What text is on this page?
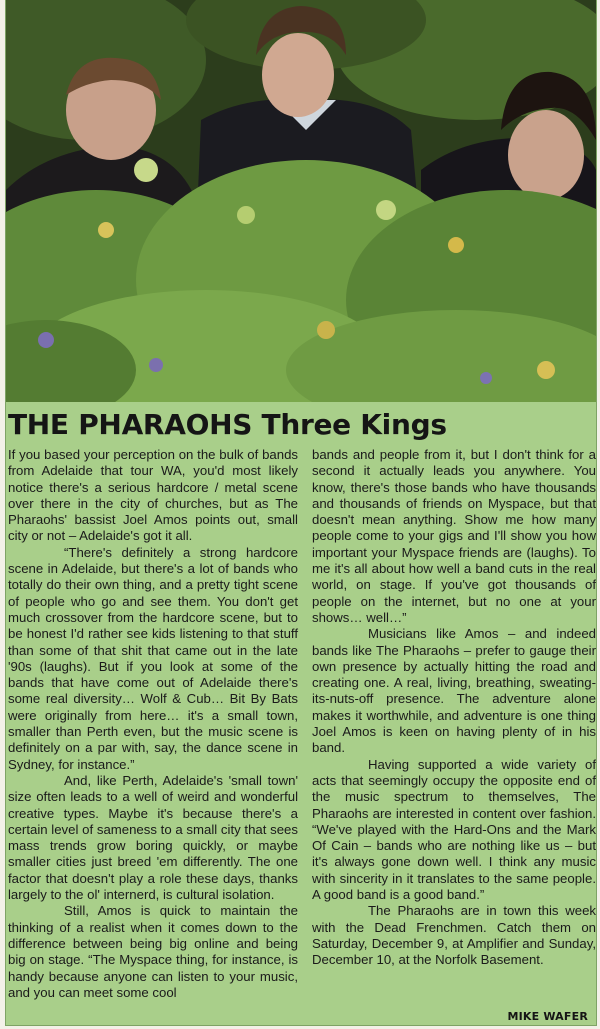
THE PHARAOHS Three Kings

If you based your perception on the bulk of bands from Adelaide that tour WA, you'd most likely notice there's a serious hardcore / metal scene over there in the city of churches, but as The Pharaohs' bassist Joel Amos points out, small city or not – Adelaide's got it all.

“There's definitely a strong hardcore scene in Adelaide, but there's a lot of bands who totally do their own thing, and a pretty tight scene of people who go and see them. You don't get much crossover from the hardcore scene, but to be honest I'd rather see kids listening to that stuff than some of that shit that came out in the late '90s (laughs). But if you look at some of the bands that have come out of Adelaide there's some real diversity… Wolf & Cub… Bit By Bats were originally from here… it's a small town, smaller than Perth even, but the music scene is definitely on a par with, say, the dance scene in Sydney, for instance.”

And, like Perth, Adelaide's 'small town' size often leads to a well of weird and wonderful creative types. Maybe it's because there's a certain level of sameness to a small city that sees mass trends grow boring quickly, or maybe smaller cities just breed 'em differently. The one factor that doesn't play a role these days, thanks largely to the ol' internerd, is cultural isolation.

Still, Amos is quick to maintain the thinking of a realist when it comes down to the difference between being big online and being big on stage. “The Myspace thing, for instance, is handy because anyone can listen to your music, and you can meet some cool

bands and people from it, but I don't think for a second it actually leads you anywhere. You know, there's those bands who have thousands and thousands of friends on Myspace, but that doesn't mean anything. Show me how many people come to your gigs and I'll show you how important your Myspace friends are (laughs). To me it's all about how well a band cuts in the real world, on stage. If you've got thousands of people on the internet, but no one at your shows… well…”

Musicians like Amos – and indeed bands like The Pharaohs – prefer to gauge their own presence by actually hitting the road and creating one. A real, living, breathing, sweating-its-nuts-off presence. The adventure alone makes it worthwhile, and adventure is one thing Joel Amos is keen on having plenty of in his band.

Having supported a wide variety of acts that seemingly occupy the opposite end of the music spectrum to themselves, The Pharaohs are interested in content over fashion. “We've played with the Hard-Ons and the Mark Of Cain – bands who are nothing like us – but it's always gone down well. I think any music with sincerity in it translates to the same people. A good band is a good band.”

The Pharaohs are in town this week with the Dead Frenchmen. Catch them on Saturday, December 9, at Amplifier and Sunday, December 10, at the Norfolk Basement.

MIKE WAFER
